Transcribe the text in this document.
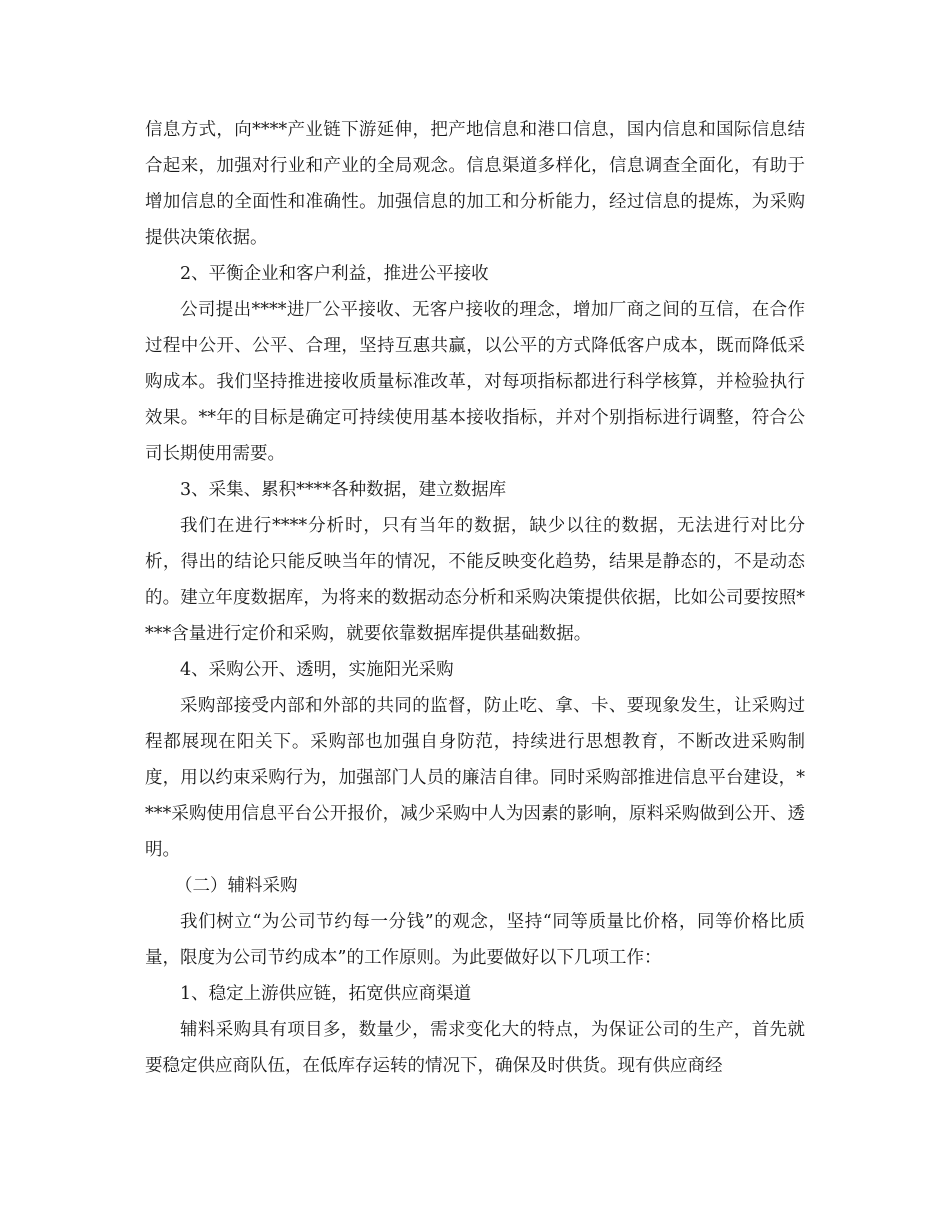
信息方式，向****产业链下游延伸，把产地信息和港口信息，国内信息和国际信息结合起来，加强对行业和产业的全局观念。信息渠道多样化，信息调查全面化，有助于增加信息的全面性和准确性。加强信息的加工和分析能力，经过信息的提炼，为采购提供决策依据。

2、平衡企业和客户利益，推进公平接收

公司提出****进厂公平接收、无客户接收的理念，增加厂商之间的互信，在合作过程中公开、公平、合理，坚持互惠共赢，以公平的方式降低客户成本，既而降低采购成本。我们坚持推进接收质量标准改革，对每项指标都进行科学核算，并检验执行效果。**年的目标是确定可持续使用基本接收指标，并对个别指标进行调整，符合公司长期使用需要。

3、采集、累积****各种数据，建立数据库

我们在进行****分析时，只有当年的数据，缺少以往的数据，无法进行对比分析，得出的结论只能反映当年的情况，不能反映变化趋势，结果是静态的，不是动态的。建立年度数据库，为将来的数据动态分析和采购决策提供依据，比如公司要按照****含量进行定价和采购，就要依靠数据库提供基础数据。

4、采购公开、透明，实施阳光采购

采购部接受内部和外部的共同的监督，防止吃、拿、卡、要现象发生，让采购过程都展现在阳关下。采购部也加强自身防范，持续进行思想教育，不断改进采购制度，用以约束采购行为，加强部门人员的廉洁自律。同时采购部推进信息平台建设，****采购使用信息平台公开报价，减少采购中人为因素的影响，原料采购做到公开、透明。

（二）辅料采购

我们树立“为公司节约每一分钱”的观念，坚持“同等质量比价格，同等价格比质量，限度为公司节约成本”的工作原则。为此要做好以下几项工作：

1、稳定上游供应链，拓宽供应商渠道

辅料采购具有项目多，数量少，需求变化大的特点，为保证公司的生产，首先就要稳定供应商队伍，在低库存运转的情况下，确保及时供货。现有供应商经
